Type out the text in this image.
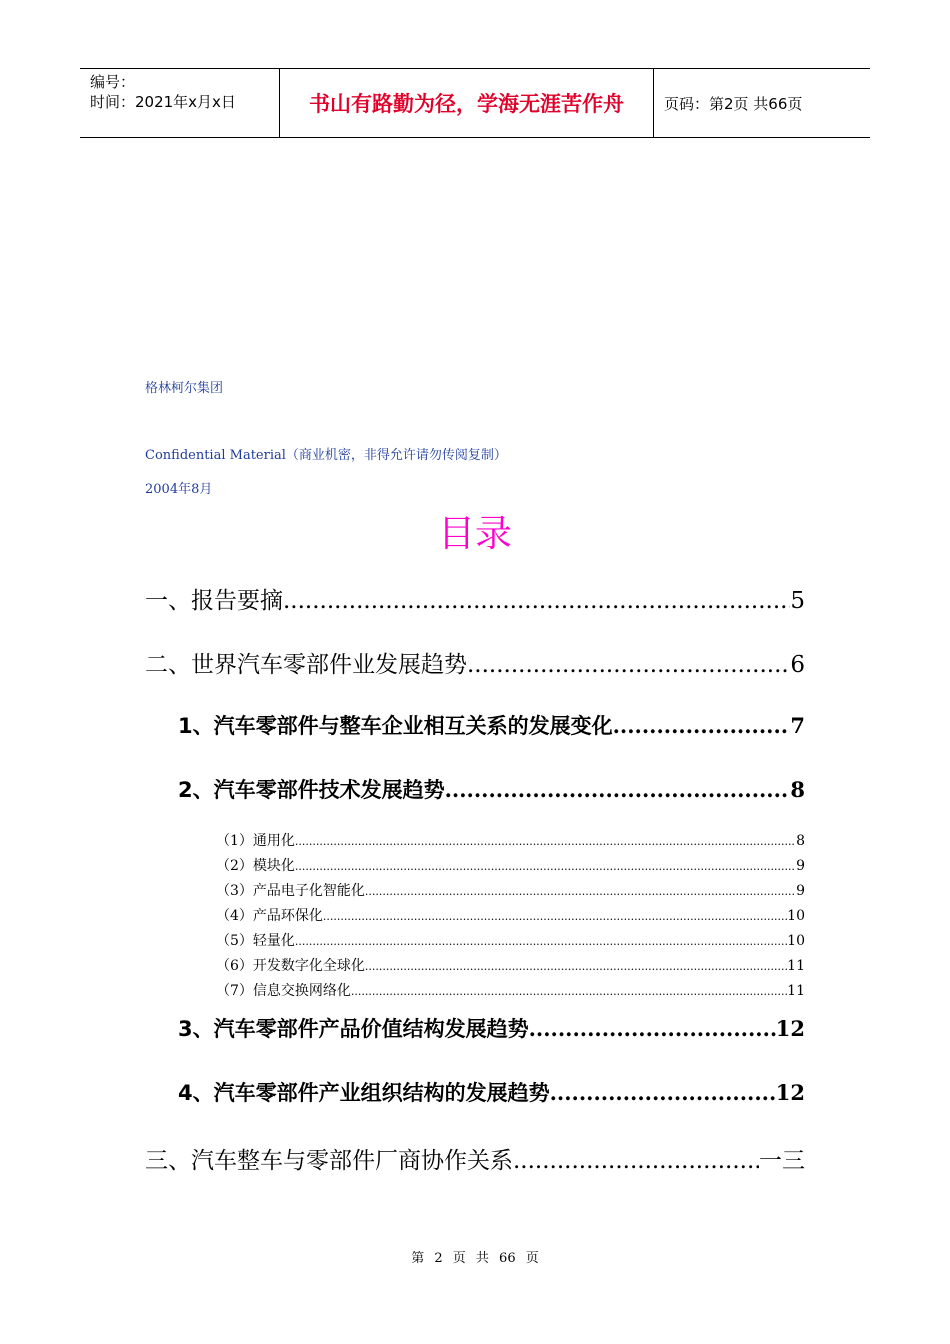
编号：
时间：2021年x月x日	书山有路勤为径，学海无涯苦作舟	页码：第2页 共66页
格林柯尔集团
Confidential Material（商业机密，非得允许请勿传阅复制）
2004年8月
目录
一、报告要摘 .....	5
二、世界汽车零部件业发展趋势 .....	6
1、汽车零部件与整车企业相互关系的发展变化 .....	7
2、汽车零部件技术发展趋势 .....	8
（1）通用化 .....	8
（2）模块化 .....	9
（3）产品电子化智能化 .....	9
（4）产品环保化 .....	10
（5）轻量化 .....	10
（6）开发数字化全球化 .....	11
（7）信息交换网络化 .....	11
3、汽车零部件产品价值结构发展趋势 .....	12
4、汽车零部件产业组织结构的发展趋势 .....	12
三、汽车整车与零部件厂商协作关系 .....	一三
第 2 页 共 66 页
